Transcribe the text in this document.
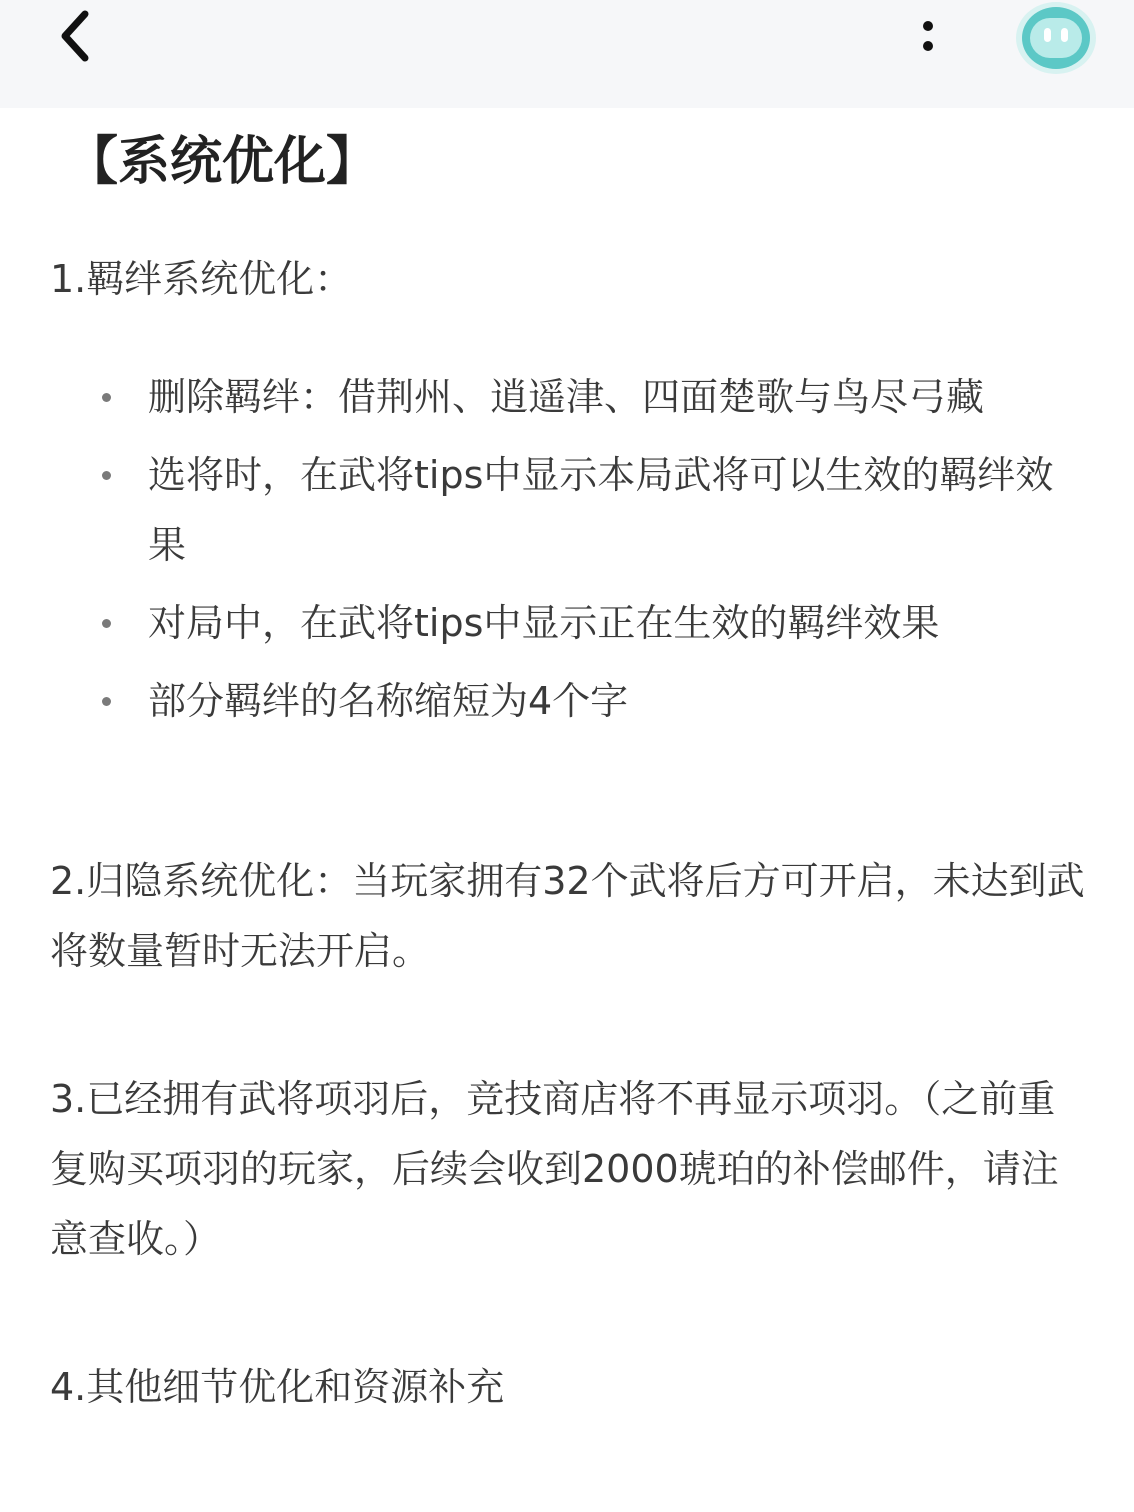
【系统优化】

1.羁绊系统优化：

删除羁绊：借荆州、逍遥津、四面楚歌与鸟尽弓藏
选将时，在武将tips中显示本局武将可以生效的羁绊效果
对局中，在武将tips中显示正在生效的羁绊效果
部分羁绊的名称缩短为4个字

2.归隐系统优化：当玩家拥有32个武将后方可开启，未达到武将数量暂时无法开启。

3.已经拥有武将项羽后，竞技商店将不再显示项羽。（之前重复购买项羽的玩家，后续会收到2000琥珀的补偿邮件，请注意查收。）

4.其他细节优化和资源补充
